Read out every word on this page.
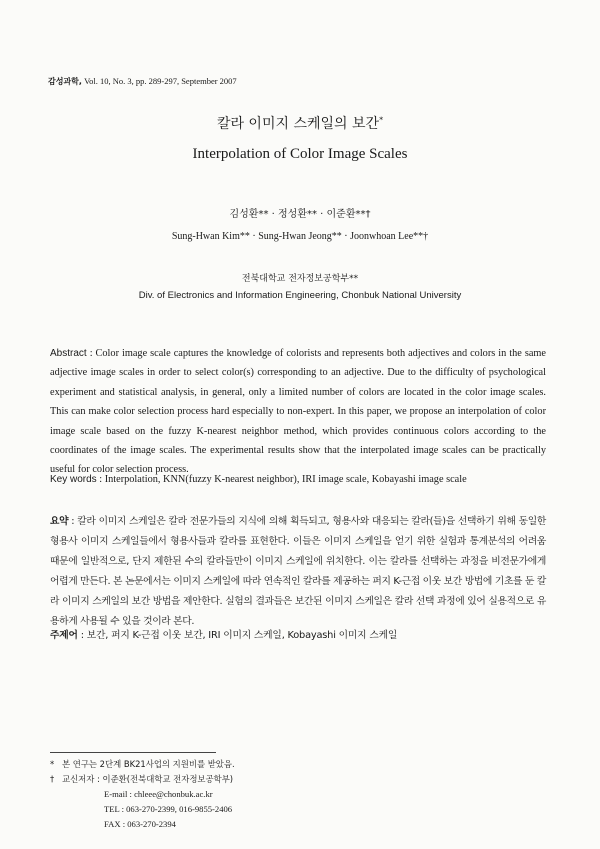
감성과학, Vol. 10, No. 3, pp. 289-297, September 2007
칼라 이미지 스케일의 보간*
Interpolation of Color Image Scales
김성환** · 정성환** · 이준환**†
Sung-Hwan Kim** · Sung-Hwan Jeong** · Joonwhoan Lee**†
전북대학교 전자정보공학부**
Div. of Electronics and Information Engineering, Chonbuk National University
Abstract : Color image scale captures the knowledge of colorists and represents both adjectives and colors in the same adjective image scales in order to select color(s) corresponding to an adjective. Due to the difficulty of psychological experiment and statistical analysis, in general, only a limited number of colors are located in the color image scales. This can make color selection process hard especially to non-expert. In this paper, we propose an interpolation of color image scale based on the fuzzy K-nearest neighbor method, which provides continuous colors according to the coordinates of the image scales. The experimental results show that the interpolated image scales can be practically useful for color selection process.
Key words : Interpolation, KNN(fuzzy K-nearest neighbor), IRI image scale, Kobayashi image scale
요약 : 칼라 이미지 스케일은 칼라 전문가들의 지식에 의해 획득되고, 형용사와 대응되는 칼라(들)을 선택하기 위해 동일한 형용사 이미지 스케일들에서 형용사들과 칼라를 표현한다. 이들은 이미지 스케일을 얻기 위한 실험과 통계분석의 어려움 때문에 일반적으로, 단지 제한된 수의 칼라들만이 이미지 스케일에 위치한다. 이는 칼라를 선택하는 과정을 비전문가에게 어렵게 만든다. 본 논문에서는 이미지 스케일에 따라 연속적인 칼라를 제공하는 퍼지 K-근접 이웃 보간 방법에 기초를 둔 칼라 이미지 스케일의 보간 방법을 제안한다. 실험의 결과들은 보간된 이미지 스케일은 칼라 선택 과정에 있어 실용적으로 유용하게 사용될 수 있을 것이라 본다.
주제어 : 보간, 퍼지 K-근접 이웃 보간, IRI 이미지 스케일, Kobayashi 이미지 스케일
* 본 연구는 2단계 BK21사업의 지원비를 받았음.
† 교신저자 : 이준환(전북대학교 전자정보공학부)
E-mail : chleee@chonbuk.ac.kr
TEL : 063-270-2399, 016-9855-2406
FAX : 063-270-2394
